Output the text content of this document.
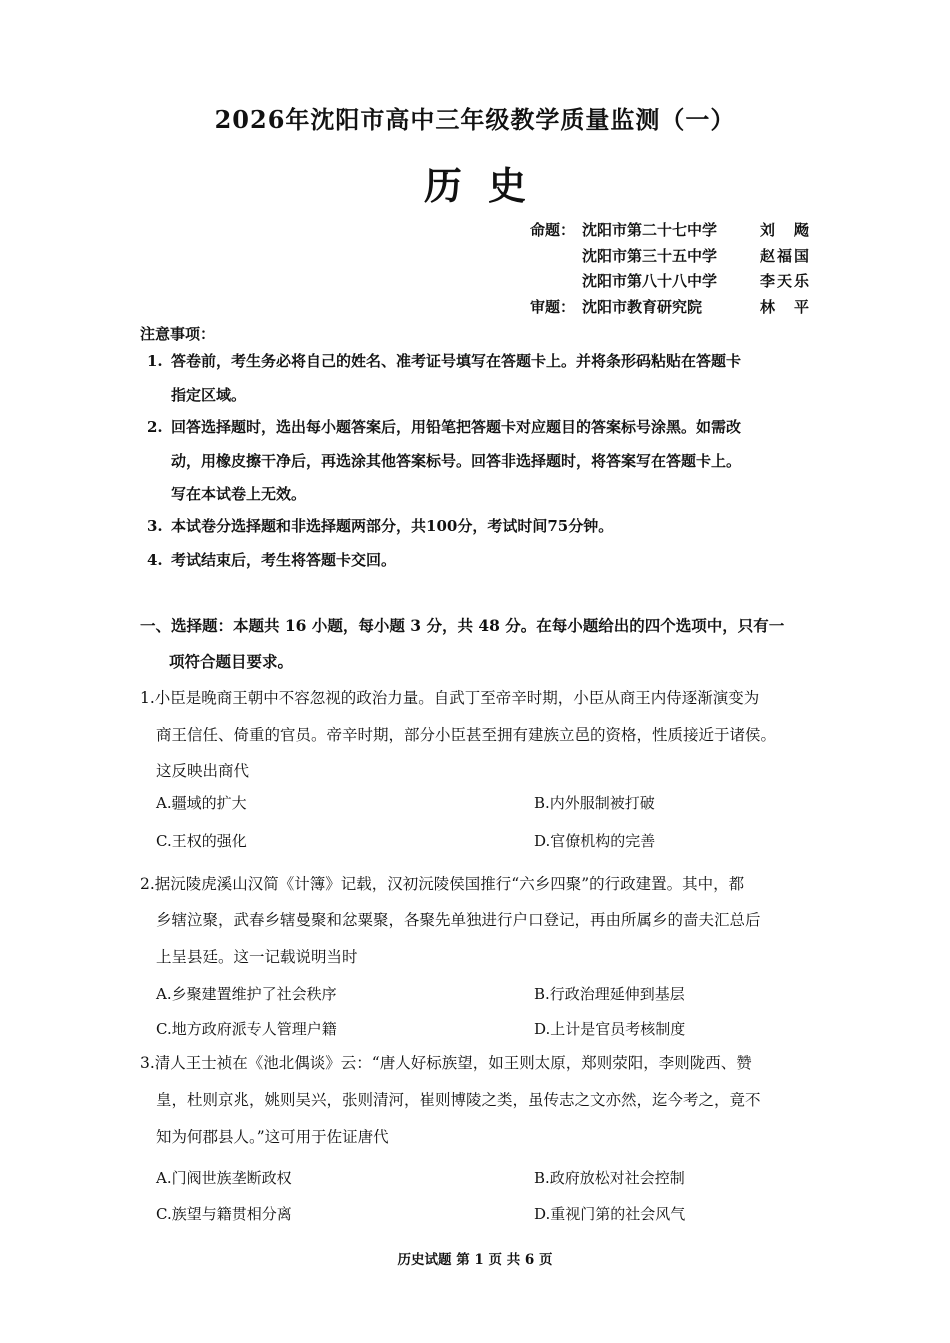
2026年沈阳市高中三年级教学质量监测（一）
历史
命题： 沈阳市第二十七中学	刘　飏
沈阳市第三十五中学	赵福国
沈阳市第八十八中学	李天乐
审题： 沈阳市教育研究院	林　平
注意事项：
1. 答卷前，考生务必将自己的姓名、准考证号填写在答题卡上。并将条形码粘贴在答题卡
指定区域。
2. 回答选择题时，选出每小题答案后，用铅笔把答题卡对应题目的答案标号涂黑。如需改
动，用橡皮擦干净后，再选涂其他答案标号。回答非选择题时，将答案写在答题卡上。
写在本试卷上无效。
3. 本试卷分选择题和非选择题两部分，共100分，考试时间75分钟。
4. 考试结束后，考生将答题卡交回。
一、选择题：本题共 16 小题，每小题 3 分，共 48 分。在每小题给出的四个选项中，只有一
项符合题目要求。
1.小臣是晚商王朝中不容忽视的政治力量。自武丁至帝辛时期，小臣从商王内侍逐渐演变为
商王信任、倚重的官员。帝辛时期，部分小臣甚至拥有建族立邑的资格，性质接近于诸侯。
这反映出商代
A.疆域的扩大	B.内外服制被打破
C.王权的强化	D.官僚机构的完善
2.据沅陵虎溪山汉简《计簿》记载，汉初沅陵侯国推行“六乡四聚”的行政建置。其中，都
乡辖泣聚，武春乡辖曼聚和忿粟聚，各聚先单独进行户口登记，再由所属乡的啬夫汇总后
上呈县廷。这一记载说明当时
A.乡聚建置维护了社会秩序	B.行政治理延伸到基层
C.地方政府派专人管理户籍	D.上计是官员考核制度
3.清人王士祯在《池北偶谈》云：“唐人好标族望，如王则太原，郑则荥阳，李则陇西、赞
皇，杜则京兆，姚则吴兴，张则清河，崔则博陵之类，虽传志之文亦然，迄今考之，竟不
知为何郡县人。”这可用于佐证唐代
A.门阀世族垄断政权	B.政府放松对社会控制
C.族望与籍贯相分离	D.重视门第的社会风气
历史试题 第 1 页 共 6 页
